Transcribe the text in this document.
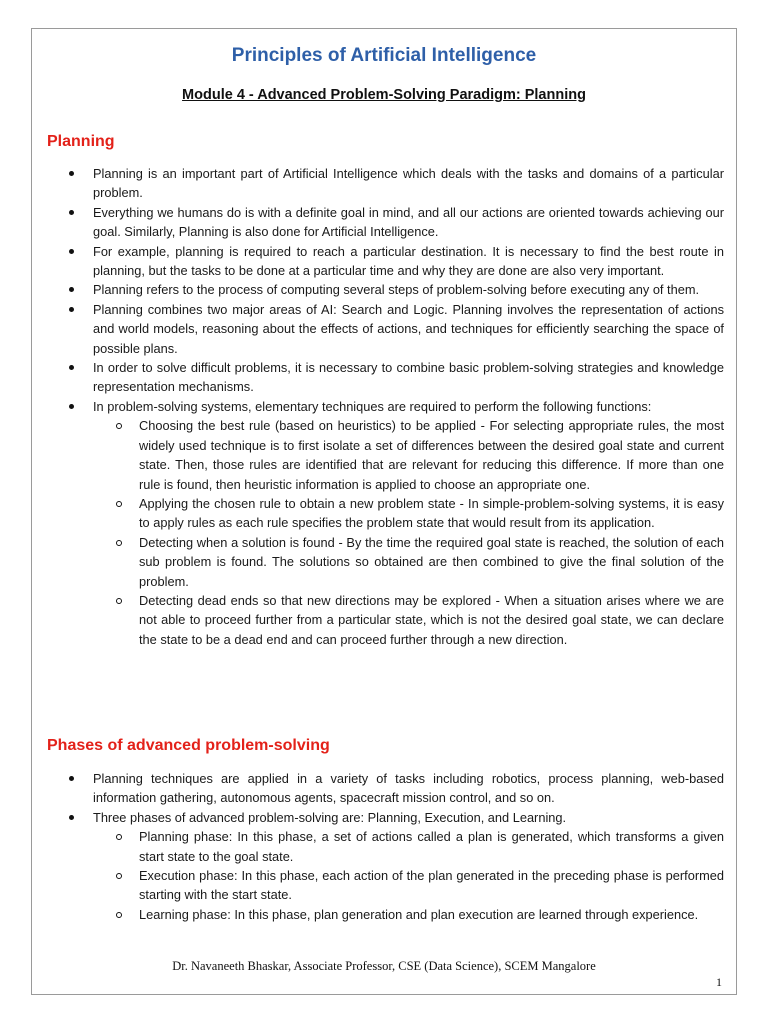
Principles of Artificial Intelligence
Module 4 - Advanced Problem-Solving Paradigm: Planning
Planning
Planning is an important part of Artificial Intelligence which deals with the tasks and domains of a particular problem.
Everything we humans do is with a definite goal in mind, and all our actions are oriented towards achieving our goal. Similarly, Planning is also done for Artificial Intelligence.
For example, planning is required to reach a particular destination. It is necessary to find the best route in planning, but the tasks to be done at a particular time and why they are done are also very important.
Planning refers to the process of computing several steps of problem-solving before executing any of them.
Planning combines two major areas of AI: Search and Logic. Planning involves the representation of actions and world models, reasoning about the effects of actions, and techniques for efficiently searching the space of possible plans.
In order to solve difficult problems, it is necessary to combine basic problem-solving strategies and knowledge representation mechanisms.
In problem-solving systems, elementary techniques are required to perform the following functions:
Choosing the best rule (based on heuristics) to be applied - For selecting appropriate rules, the most widely used technique is to first isolate a set of differences between the desired goal state and current state. Then, those rules are identified that are relevant for reducing this difference. If more than one rule is found, then heuristic information is applied to choose an appropriate one.
Applying the chosen rule to obtain a new problem state - In simple-problem-solving systems, it is easy to apply rules as each rule specifies the problem state that would result from its application.
Detecting when a solution is found - By the time the required goal state is reached, the solution of each sub problem is found. The solutions so obtained are then combined to give the final solution of the problem.
Detecting dead ends so that new directions may be explored - When a situation arises where we are not able to proceed further from a particular state, which is not the desired goal state, we can declare the state to be a dead end and can proceed further through a new direction.
Phases of advanced problem-solving
Planning techniques are applied in a variety of tasks including robotics, process planning, web-based information gathering, autonomous agents, spacecraft mission control, and so on.
Three phases of advanced problem-solving are: Planning, Execution, and Learning.
Planning phase: In this phase, a set of actions called a plan is generated, which transforms a given start state to the goal state.
Execution phase: In this phase, each action of the plan generated in the preceding phase is performed starting with the start state.
Learning phase: In this phase, plan generation and plan execution are learned through experience.
Dr. Navaneeth Bhaskar, Associate Professor, CSE (Data Science), SCEM Mangalore
1
